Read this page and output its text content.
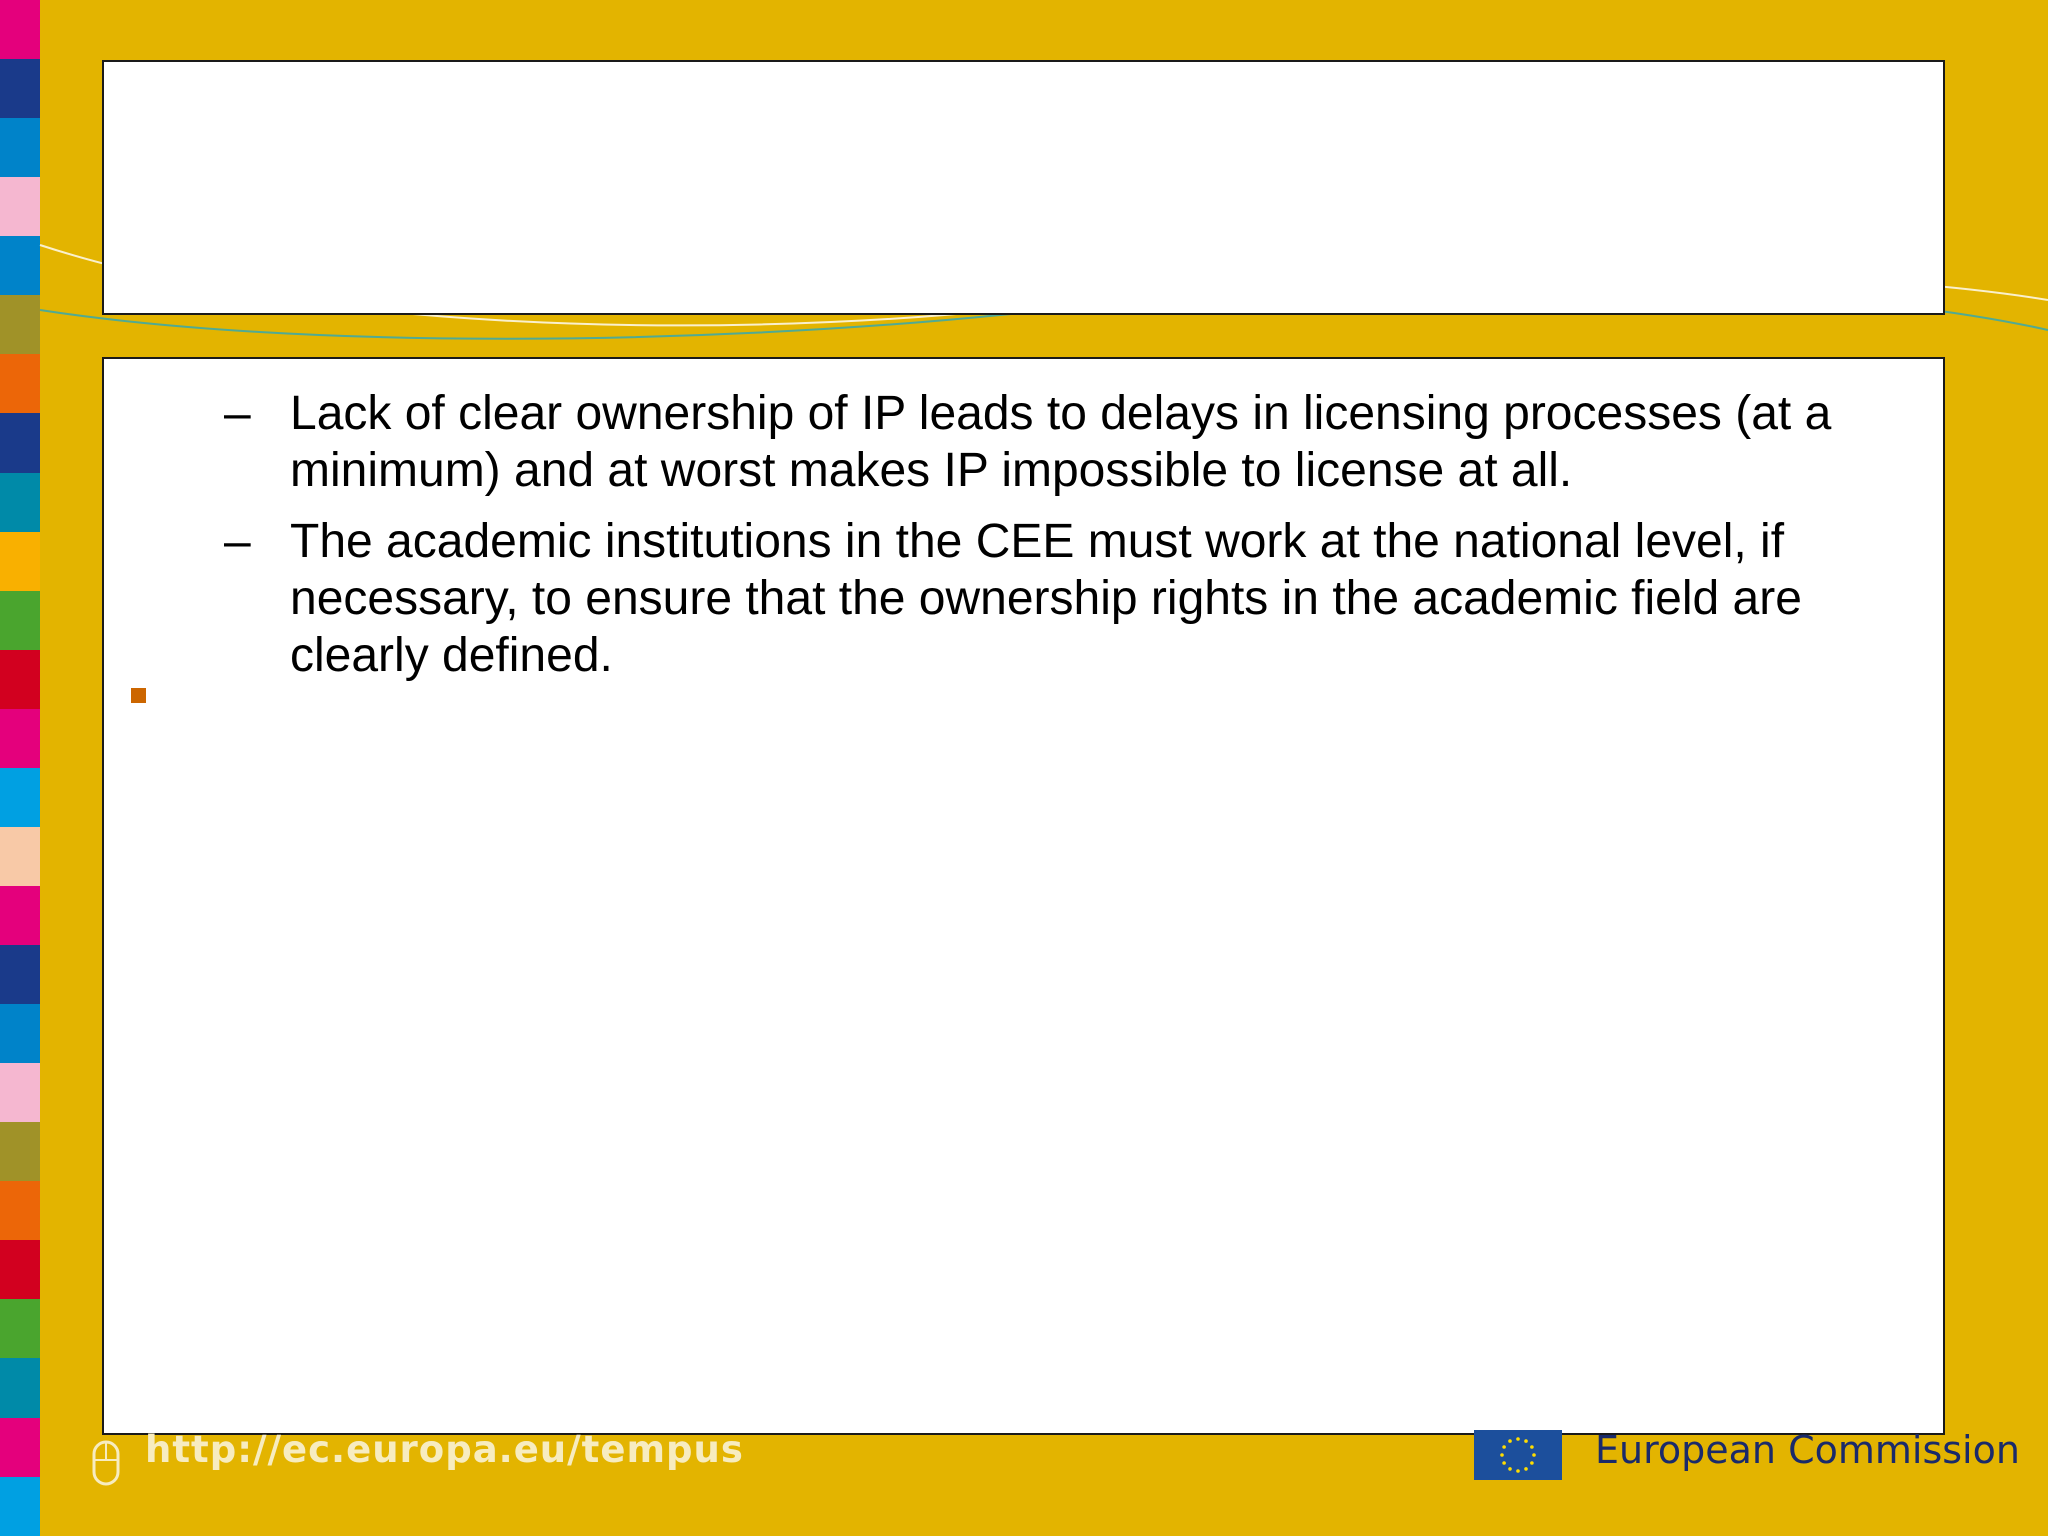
– Lack of clear ownership of IP leads to delays in licensing processes (at a minimum) and at worst makes IP impossible to license at all.
– The academic institutions in the CEE must work at the national level, if necessary, to ensure that the ownership rights in the academic field are clearly defined.
http://ec.europa.eu/tempus	European Commission
